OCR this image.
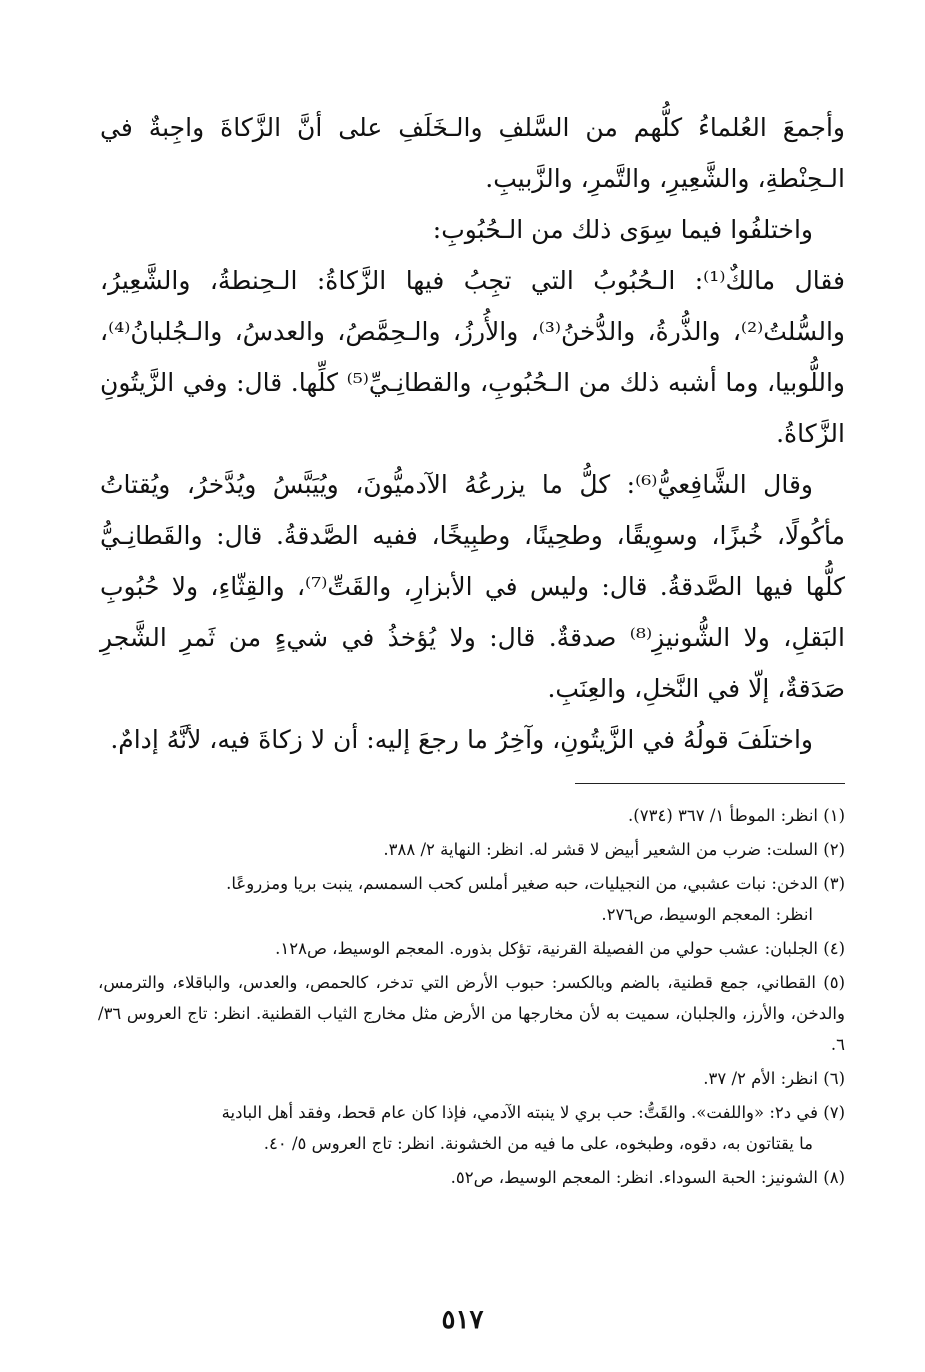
وأجمعَ العُلماءُ كلُّهم من السَّلفِ والـخَلَفِ على أنَّ الزَّكاةَ واجِبةٌ في الـحِنْطةِ، والشَّعِيرِ، والتَّمرِ، والزَّبيبِ.

واختلفُوا فيما سِوَى ذلك من الـحُبُوبِ:

فقال مالكٌ⁽¹⁾: الـحُبُوبُ التي تجِبُ فيها الزَّكاةُ: الـحِنطةُ، والشَّعِيرُ، والسُّلتُ⁽²⁾، والذُّرةُ، والدُّخنُ⁽³⁾، والأُرزُ، والـحِمَّصُ، والعدسُ، والـجُلبانُ⁽⁴⁾، واللُّوبيا، وما أشبه ذلك من الـحُبُوبِ، والقطانِـيِّ⁽⁵⁾ كلِّها. قال: وفي الزَّيتُونِ الزَّكاةُ.

وقال الشَّافِعيُّ⁽⁶⁾: كلُّ ما يزرعُهُ الآدميُّونَ، ويُيَبَّسُ ويُدَّخرُ، ويُقتاتُ مأكُولًا، خُبزًا، وسوِيقًا، وطحِينًا، وطبِيخًا، ففيه الصَّدقةُ. قال: والقَطانِـيُّ كلُّها فيها الصَّدقةُ. قال: وليس في الأبزارِ، والقَتِّ⁽⁷⁾، والقِثّاءِ، ولا حُبُوبِ البَقلِ، ولا الشُّونيزِ⁽⁸⁾ صدقةٌ. قال: ولا يُؤخذُ في شيءٍ من ثَمرِ الشَّجرِ صَدَقةٌ، إلّا في النَّخلِ، والعِنَبِ.

واختلَفَ قولُهُ في الزَّيتُونِ، وآخِرُ ما رجعَ إليه: أن لا زكاةَ فيه، لأنَّهُ إدامٌ.

(١) انظر: الموطأ ١/ ٣٦٧ (٧٣٤).

(٢) السلت: ضرب من الشعير أبيض لا قشر له. انظر: النهاية ٢/ ٣٨٨.

(٣) الدخن: نبات عشبي، من النجيليات، حبه صغير أملس كحب السمسم، ينبت بريا ومزروعًا.
انظر: المعجم الوسيط، ص٢٧٦.

(٤) الجلبان: عشب حولي من الفصيلة القرنية، تؤكل بذوره. المعجم الوسيط، ص١٢٨.

(٥) القطاني، جمع قطنية، بالضم وبالكسر: حبوب الأرض التي تدخر، كالحمص، والعدس، والباقلاء، والترمس، والدخن، والأرز، والجلبان، سميت به لأن مخارجها من الأرض مثل مخارج الثياب القطنية. انظر: تاج العروس ٣٦/ ٦.

(٦) انظر: الأم ٢/ ٣٧.

(٧) في د٢: «واللفت». والقَتُّ: حب بري لا ينبته الآدمي، فإذا كان عام قحط، وفقد أهل البادية
ما يقتاتون به، دقوه، وطبخوه، على ما فيه من الخشونة. انظر: تاج العروس ٥/ ٤٠.

(٨) الشونيز: الحبة السوداء. انظر: المعجم الوسيط، ص٥٢.

٥١٧
